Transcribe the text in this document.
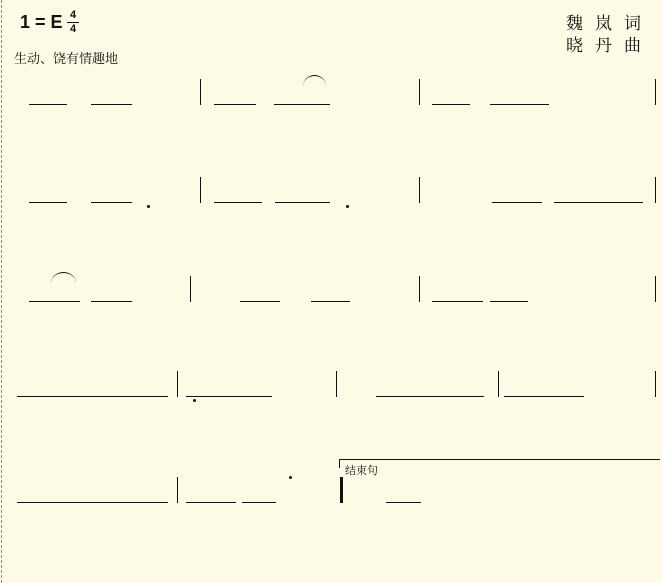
1 = E 4
4	魏岚词
晓丹曲
生动、饶有情趣地
结束句
